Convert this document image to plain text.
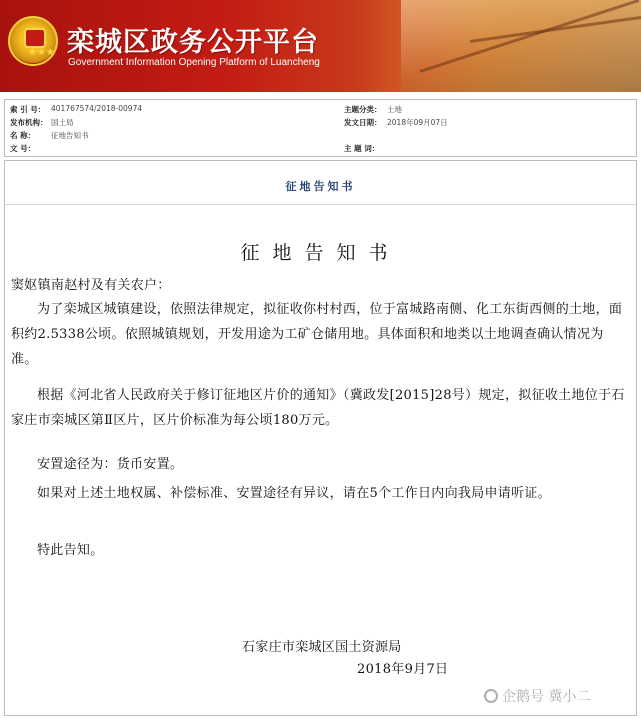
★★★ 栾城区政务公开平台
Government Information Opening Platform of Luancheng
索 引 号： 401767574/2018-00974	主题分类： 土地
发布机构： 国土局	发文日期： 2018年09月07日
名 称： 征地告知书
文 号：	主 题 词：
征地告知书
征地告知书
窦妪镇南赵村及有关农户：
为了栾城区城镇建设，依照法律规定，拟征收你村村西，位于富城路南侧、化工东街西侧的土地，面积约2.5338公顷。依照城镇规划，开发用途为工矿仓储用地。具体面积和地类以土地调查确认情况为准。
根据《河北省人民政府关于修订征地区片价的通知》（冀政发[2015]28号）规定，拟征收土地位于石家庄市栾城区第Ⅱ区片，区片价标准为每公顷180万元。
安置途径为：货币安置。
如果对上述土地权属、补偿标准、安置途径有异议，请在5个工作日内向我局申请听证。
特此告知。
石家庄市栾城区国土资源局
2018年9月7日
企鹅号 冀小二
